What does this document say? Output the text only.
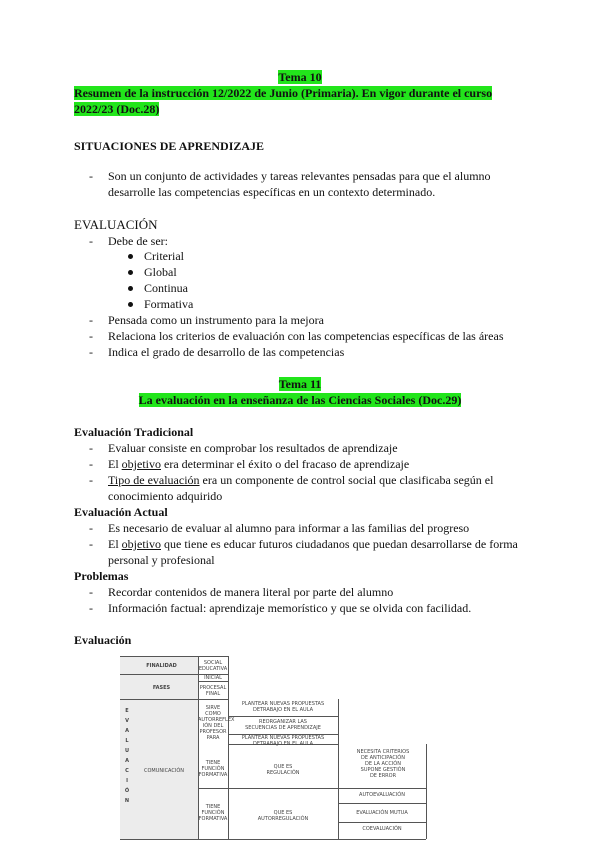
Tema 10
Resumen de la instrucción 12/2022 de Junio (Primaria). En vigor durante el curso
2022/23 (Doc.28)
SITUACIONES DE APRENDIZAJE
- Son un conjunto de actividades y tareas relevantes pensadas para que el alumno
desarrolle las competencias específicas en un contexto determinado.
EVALUACIÓN
- Debe de ser:
Criterial
Global
Continua
Formativa
- Pensada como un instrumento para la mejora
- Relaciona los criterios de evaluación con las competencias específicas de las áreas
- Indica el grado de desarrollo de las competencias
Tema 11
La evaluación en la enseñanza de las Ciencias Sociales (Doc.29)
Evaluación Tradicional
- Evaluar consiste en comprobar los resultados de aprendizaje
- El objetivo era determinar el éxito o del fracaso de aprendizaje
- Tipo de evaluación era un componente de control social que clasificaba según el
conocimiento adquirido
Evaluación Actual
- Es necesario de evaluar al alumno para informar a las familias del progreso
- El objetivo que tiene es educar futuros ciudadanos que puedan desarrollarse de forma
personal y profesional
Problemas
- Recordar contenidos de manera literal por parte del alumno
- Información factual: aprendizaje memorístico y que se olvida con facilidad.
Evaluación
FINALIDAD	SOCIAL
EDUCATIVA
INICIAL
FASES	PROCESAL
FINAL
E
V
A
L
U
A
C
I
Ó
N
SIRVE COMO
AUTORREFLEX
IÓN DEL
PROFESOR
PARA
PLANTEAR NUEVAS PROPUESTAS
DETRABAJO EN EL AULA
REORGANIZAR LAS
SECUENCIAS DE APRENDIZAJE
PLANTEAR NUEVAS PROPUESTAS
DETRABAJO EN EL AULA
COMUNICACIÓN
TIENE
FUNCIÓN
FORMATIVA
QUE ES
REGULACIÓN
NECESITA CRITERIOS
DE ANTICIPACIÓN
DE LA ACCIÓN
SUPONE GESTIÓN
DE ERROR
AUTOEVALUACIÓN
EVALUACIÓN MUTUA
COEVALUACIÓN
TIENE
FUNCIÓN
FORMATIVA
QUE ES
AUTORREGULACIÓN
